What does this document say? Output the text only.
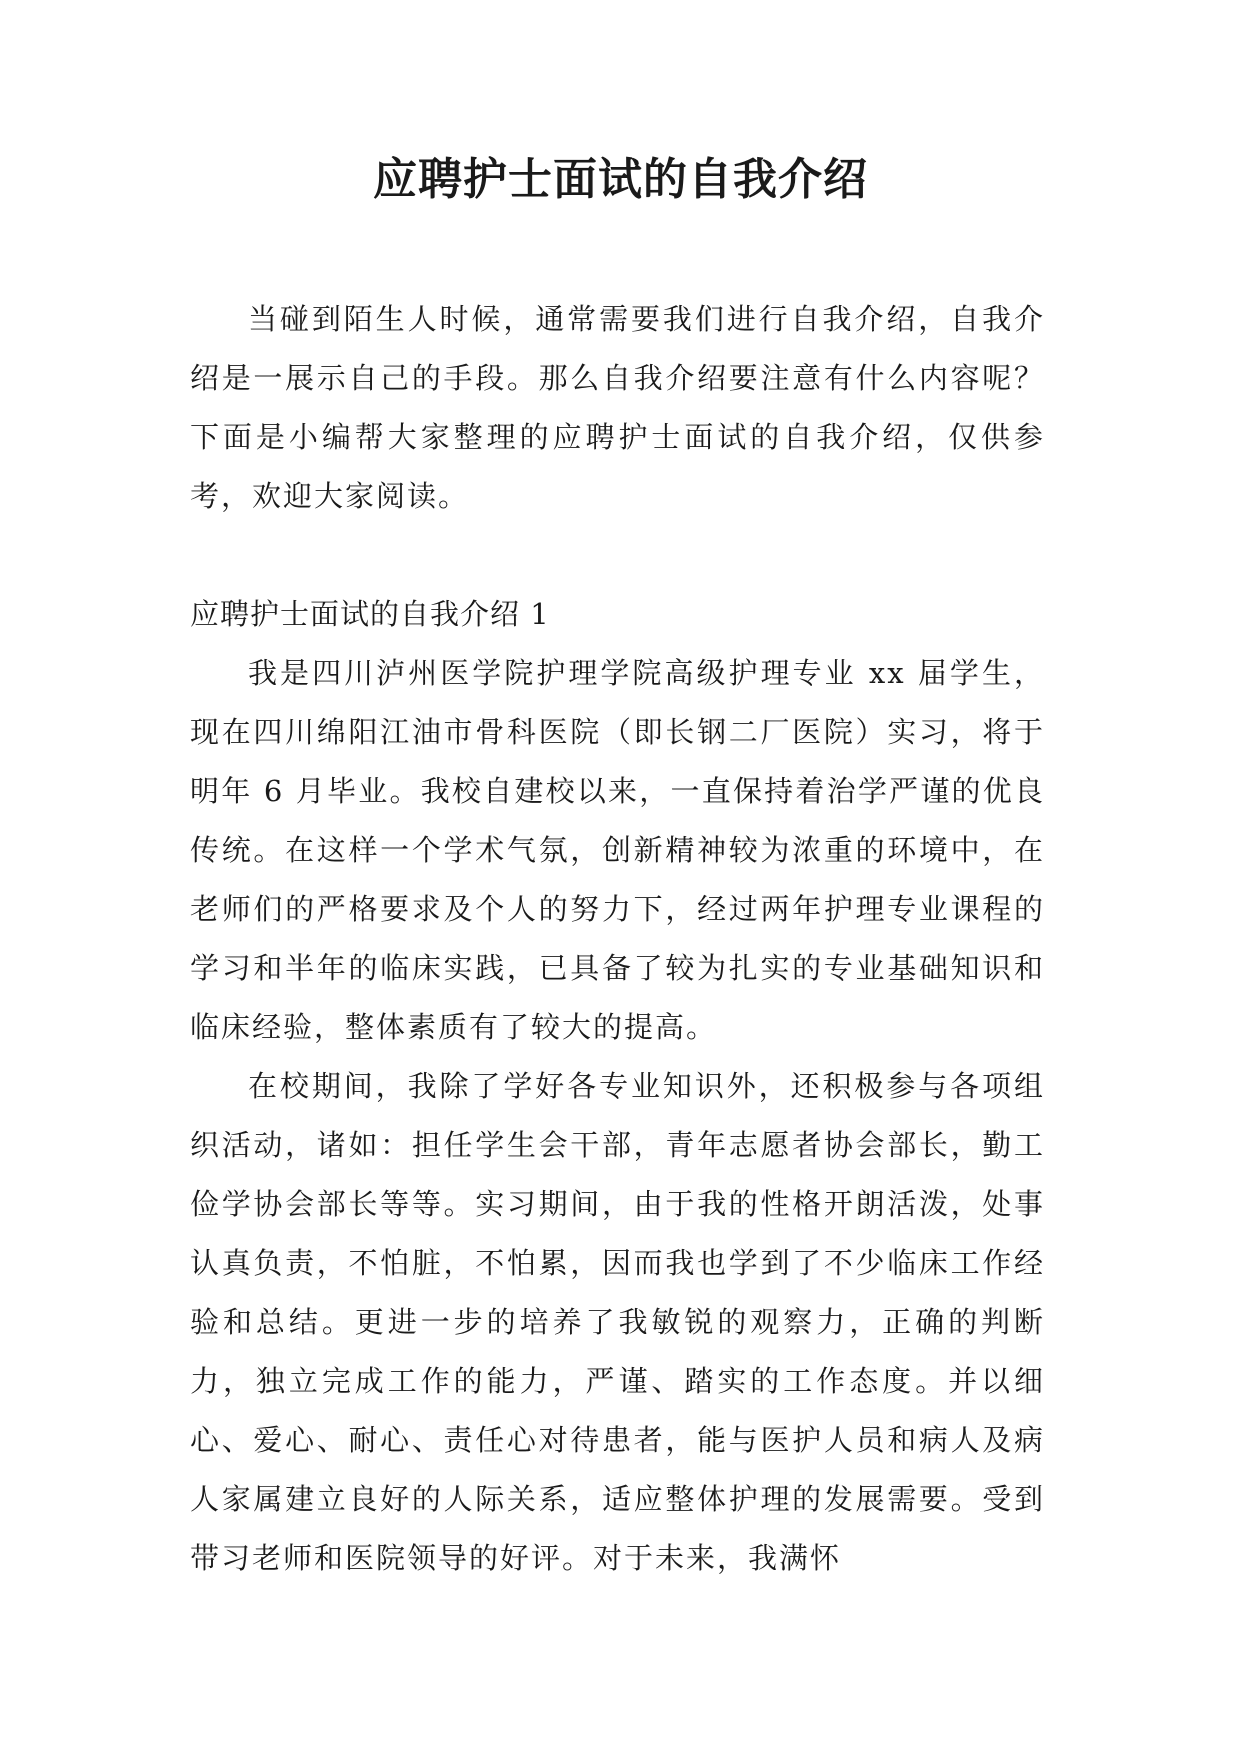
应聘护士面试的自我介绍

当碰到陌生人时候，通常需要我们进行自我介绍，自我介绍是一展示自己的手段。那么自我介绍要注意有什么内容呢？下面是小编帮大家整理的应聘护士面试的自我介绍，仅供参考，欢迎大家阅读。

应聘护士面试的自我介绍 1

我是四川泸州医学院护理学院高级护理专业 xx 届学生，现在四川绵阳江油市骨科医院（即长钢二厂医院）实习，将于明年 6 月毕业。我校自建校以来，一直保持着治学严谨的优良传统。在这样一个学术气氛，创新精神较为浓重的环境中，在老师们的严格要求及个人的努力下，经过两年护理专业课程的学习和半年的临床实践，已具备了较为扎实的专业基础知识和临床经验，整体素质有了较大的提高。

在校期间，我除了学好各专业知识外，还积极参与各项组织活动，诸如：担任学生会干部，青年志愿者协会部长，勤工俭学协会部长等等。实习期间，由于我的性格开朗活泼，处事认真负责，不怕脏，不怕累，因而我也学到了不少临床工作经验和总结。更进一步的培养了我敏锐的观察力，正确的判断力，独立完成工作的能力，严谨、踏实的工作态度。并以细心、爱心、耐心、责任心对待患者，能与医护人员和病人及病人家属建立良好的人际关系，适应整体护理的发展需要。受到带习老师和医院领导的好评。对于未来，我满怀
